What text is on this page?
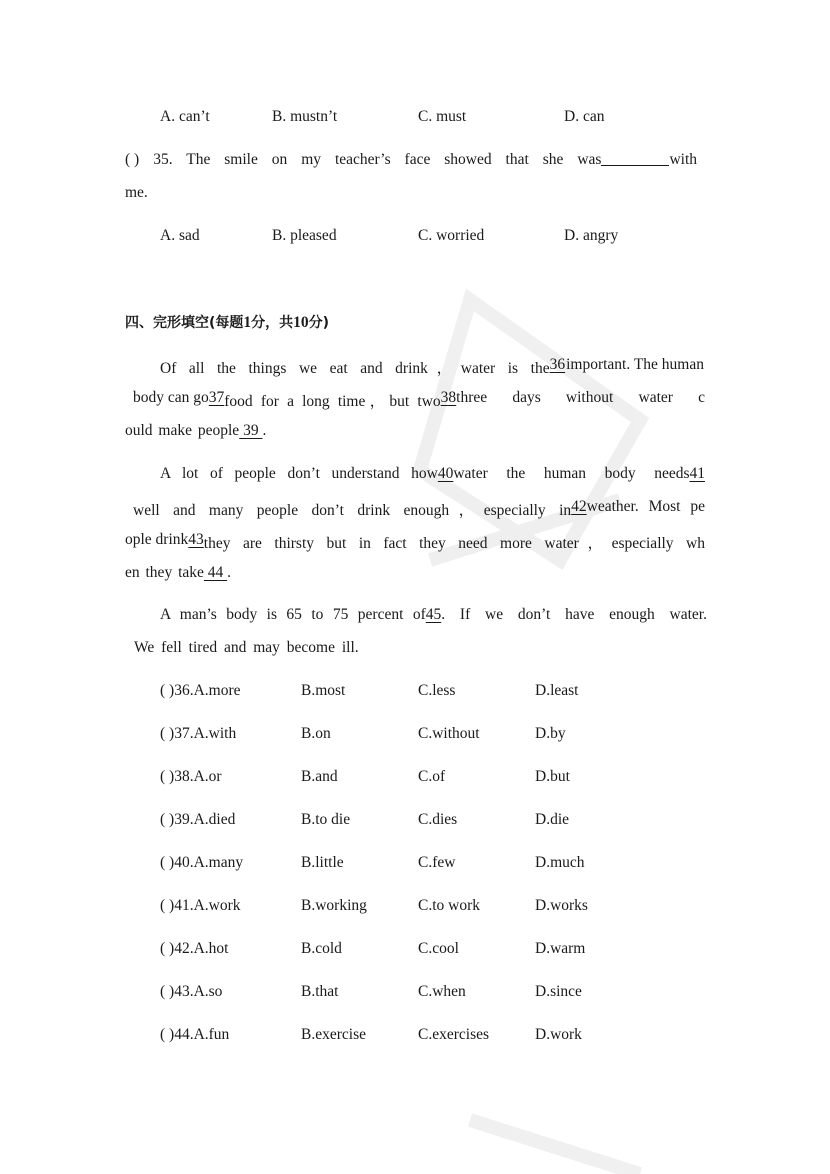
A. can’t	B. mustn’t	C. must	D. can
( ) 35. The smile on my teacher’s face showed that she was	with
me.
A. sad	B. pleased	C. worried	D. angry
四、完形填空(每题1分，共10分)
Of all the things we eat and drink，water is the 36 important. The human
body can go 37 food for a long time，but two 38 three days without water c
ould make people 39 .
A lot of people don’t understand how 40 water the human body needs 41
well and many people don’t drink enough，especially in 42 weather. Most pe
ople drink 43 they are thirsty but in fact they need more water，especially wh
en they take 44 .
A man’s body is 65 to 75 percent of 45 . If we don’t have enough water.
We fell tired and may become ill.
( )36.A.more	B.most	C.less	D.least
( )37.A.with	B.on	C.without	D.by
( )38.A.or	B.and	C.of	D.but
( )39.A.died	B.to die	C.dies	D.die
( )40.A.many	B.little	C.few	D.much
( )41.A.work	B.working	C.to work	D.works
( )42.A.hot	B.cold	C.cool	D.warm
( )43.A.so	B.that	C.when	D.since
( )44.A.fun	B.exercise	C.exercises	D.work
